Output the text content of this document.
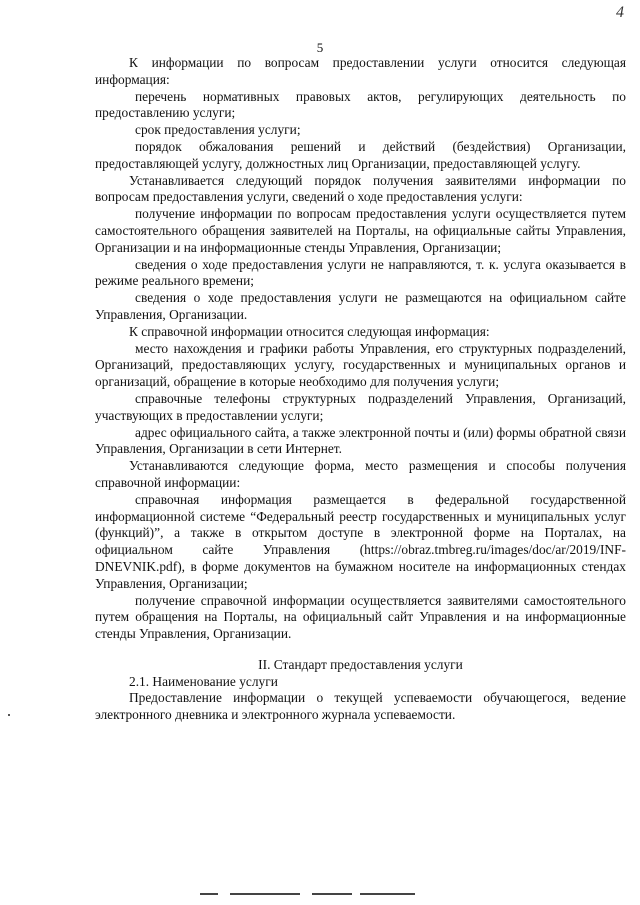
4
5

К информации по вопросам предоставлении услуги относится следующая информация:

перечень нормативных правовых актов, регулирующих деятельность по предоставлению услуги;

срок предоставления услуги;

порядок обжалования решений и действий (бездействия) Организации, предоставляющей услугу, должностных лиц Организации, предоставляющей услугу.

Устанавливается следующий порядок получения заявителями информации по вопросам предоставления услуги, сведений о ходе предоставления услуги:

получение информации по вопросам предоставления услуги осуществляется путем самостоятельного обращения заявителей на Порталы, на официальные сайты Управления, Организации и на информационные стенды Управления, Организации;

сведения о ходе предоставления услуги не направляются, т. к. услуга оказывается в режиме реального времени;

сведения о ходе предоставления услуги не размещаются на официальном сайте Управления, Организации.

К справочной информации относится следующая информация:

место нахождения и графики работы Управления, его структурных подразделений, Организаций, предоставляющих услугу, государственных и муниципальных органов и организаций, обращение в которые необходимо для получения услуги;

справочные телефоны структурных подразделений Управления, Организаций, участвующих в предоставлении услуги;

адрес официального сайта, а также электронной почты и (или) формы обратной связи Управления, Организации в сети Интернет.

Устанавливаются следующие форма, место размещения и способы получения справочной информации:

справочная информация размещается в федеральной государственной информационной системе “Федеральный реестр государственных и муниципальных услуг (функций)”, а также в открытом доступе в электронной форме на Порталах, на официальном сайте Управления (https://obraz.tmbreg.ru/images/doc/ar/2019/INF-DNEVNIK.pdf), в форме документов на бумажном носителе на информационных стендах Управления, Организации;

получение справочной информации осуществляется заявителями самостоятельного путем обращения на Порталы, на официальный сайт Управления и на информационные стенды Управления, Организации.

II. Стандарт предоставления услуги

2.1. Наименование услуги

Предоставление информации о текущей успеваемости обучающегося, ведение электронного дневника и электронного журнала успеваемости.
